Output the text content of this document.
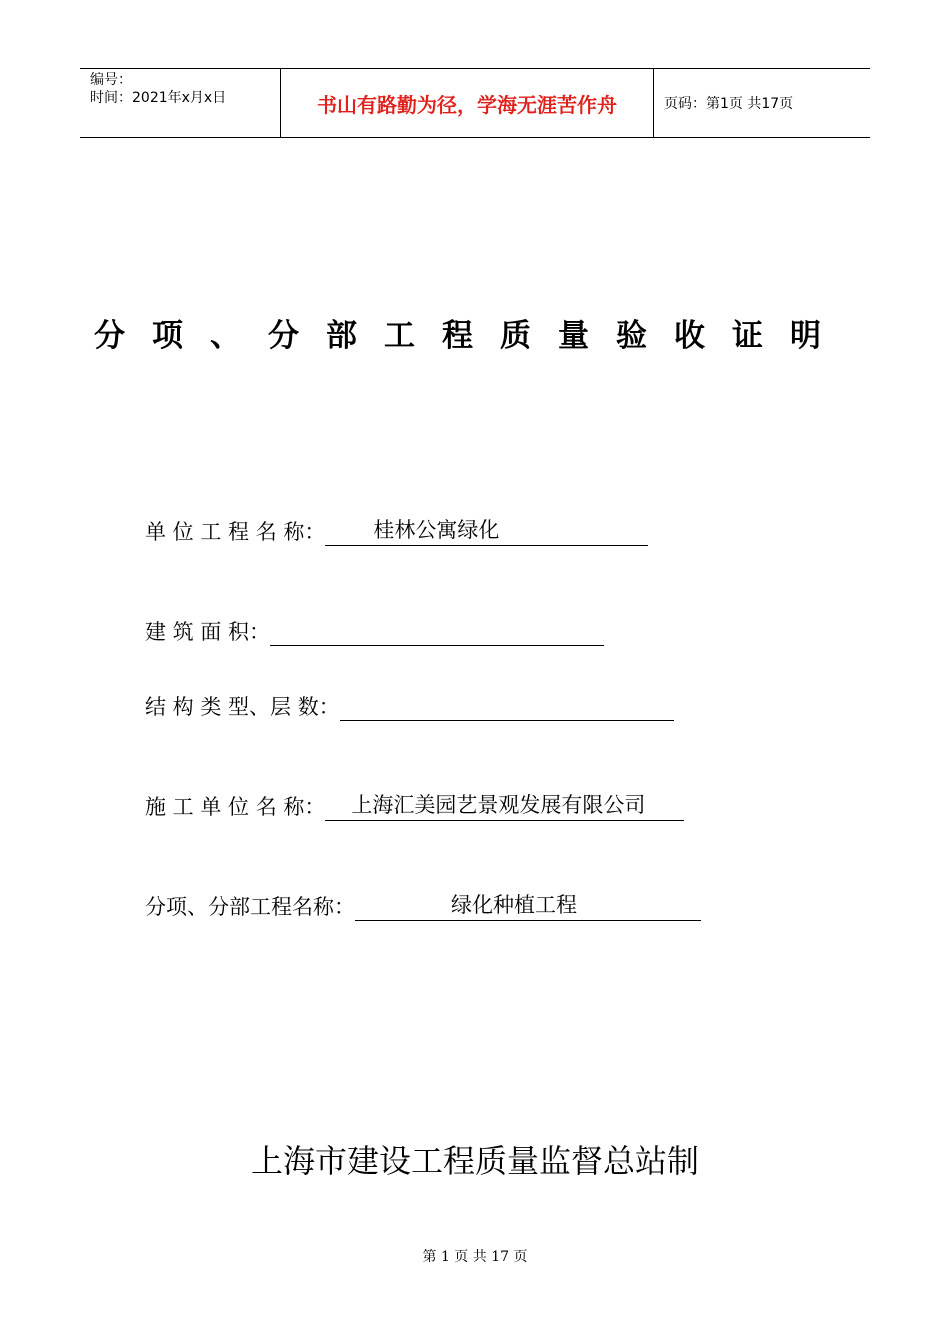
编号：
时间：2021年x月x日	书山有路勤为径，学海无涯苦作舟	页码：第1页 共17页
分项、分部工程质量验收证明
单 位 工 程 名 称： 桂林公寓绿化
建 筑 面 积：
结 构 类 型、层 数：
施 工 单 位 名 称： 上海汇美园艺景观发展有限公司
分项、分部工程名称：	绿化种植工程
上海市建设工程质量监督总站制
第 1 页 共 17 页
